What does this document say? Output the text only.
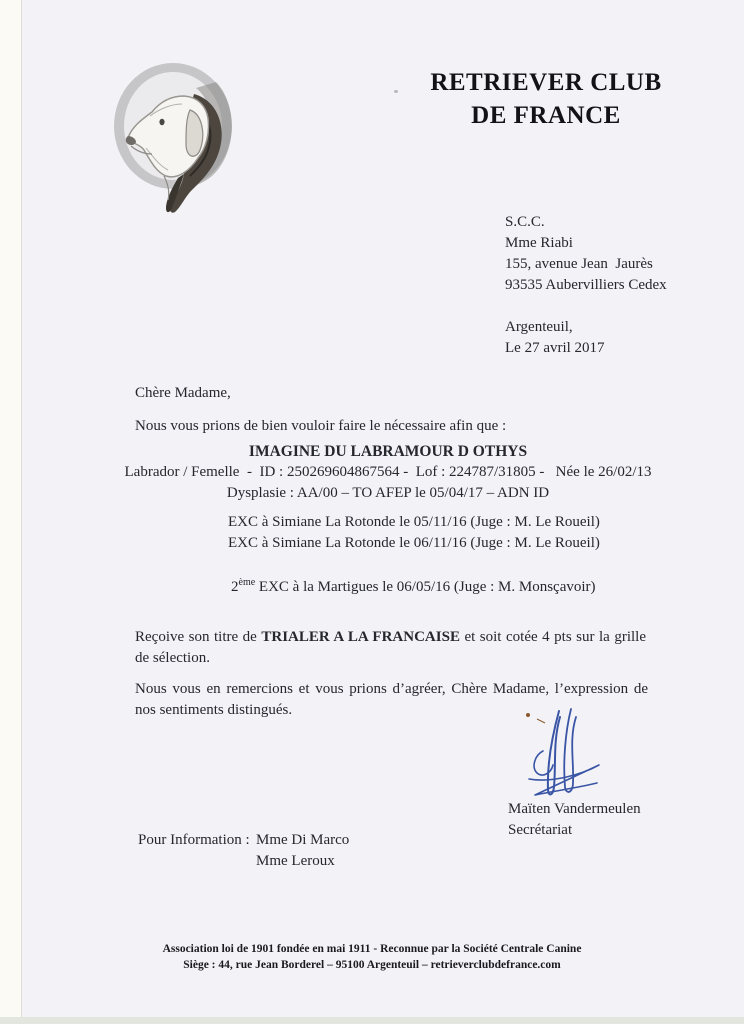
RETRIEVER CLUB
DE FRANCE
S.C.C.
Mme Riabi
155, avenue Jean  Jaurès
93535 Aubervilliers Cedex
Argenteuil,
Le 27 avril 2017
Chère Madame,
Nous vous prions de bien vouloir faire le nécessaire afin que :
IMAGINE DU LABRAMOUR D OTHYS
Labrador / Femelle  -  ID : 250269604867564 -  Lof : 224787/31805 -   Née le 26/02/13
Dysplasie : AA/00 – TO AFEP le 05/04/17 – ADN ID
EXC à Simiane La Rotonde le 05/11/16 (Juge : M. Le Roueil)
EXC à Simiane La Rotonde le 06/11/16 (Juge : M. Le Roueil)
2ème EXC à la Martigues le 06/05/16 (Juge : M. Monsçavoir)
Reçoive son titre de TRIALER A LA FRANCAISE et soit cotée 4 pts sur la grille de sélection.
Nous vous en remercions et vous prions d’agréer, Chère Madame, l’expression de nos sentiments distingués.
Maïten Vandermeulen
Secrétariat
Pour Information : Mme Di Marco
Mme Leroux
Association loi de 1901 fondée en mai 1911 - Reconnue par la Société Centrale Canine
Siège : 44, rue Jean Borderel – 95100 Argenteuil – retrieverclubdefrance.com
